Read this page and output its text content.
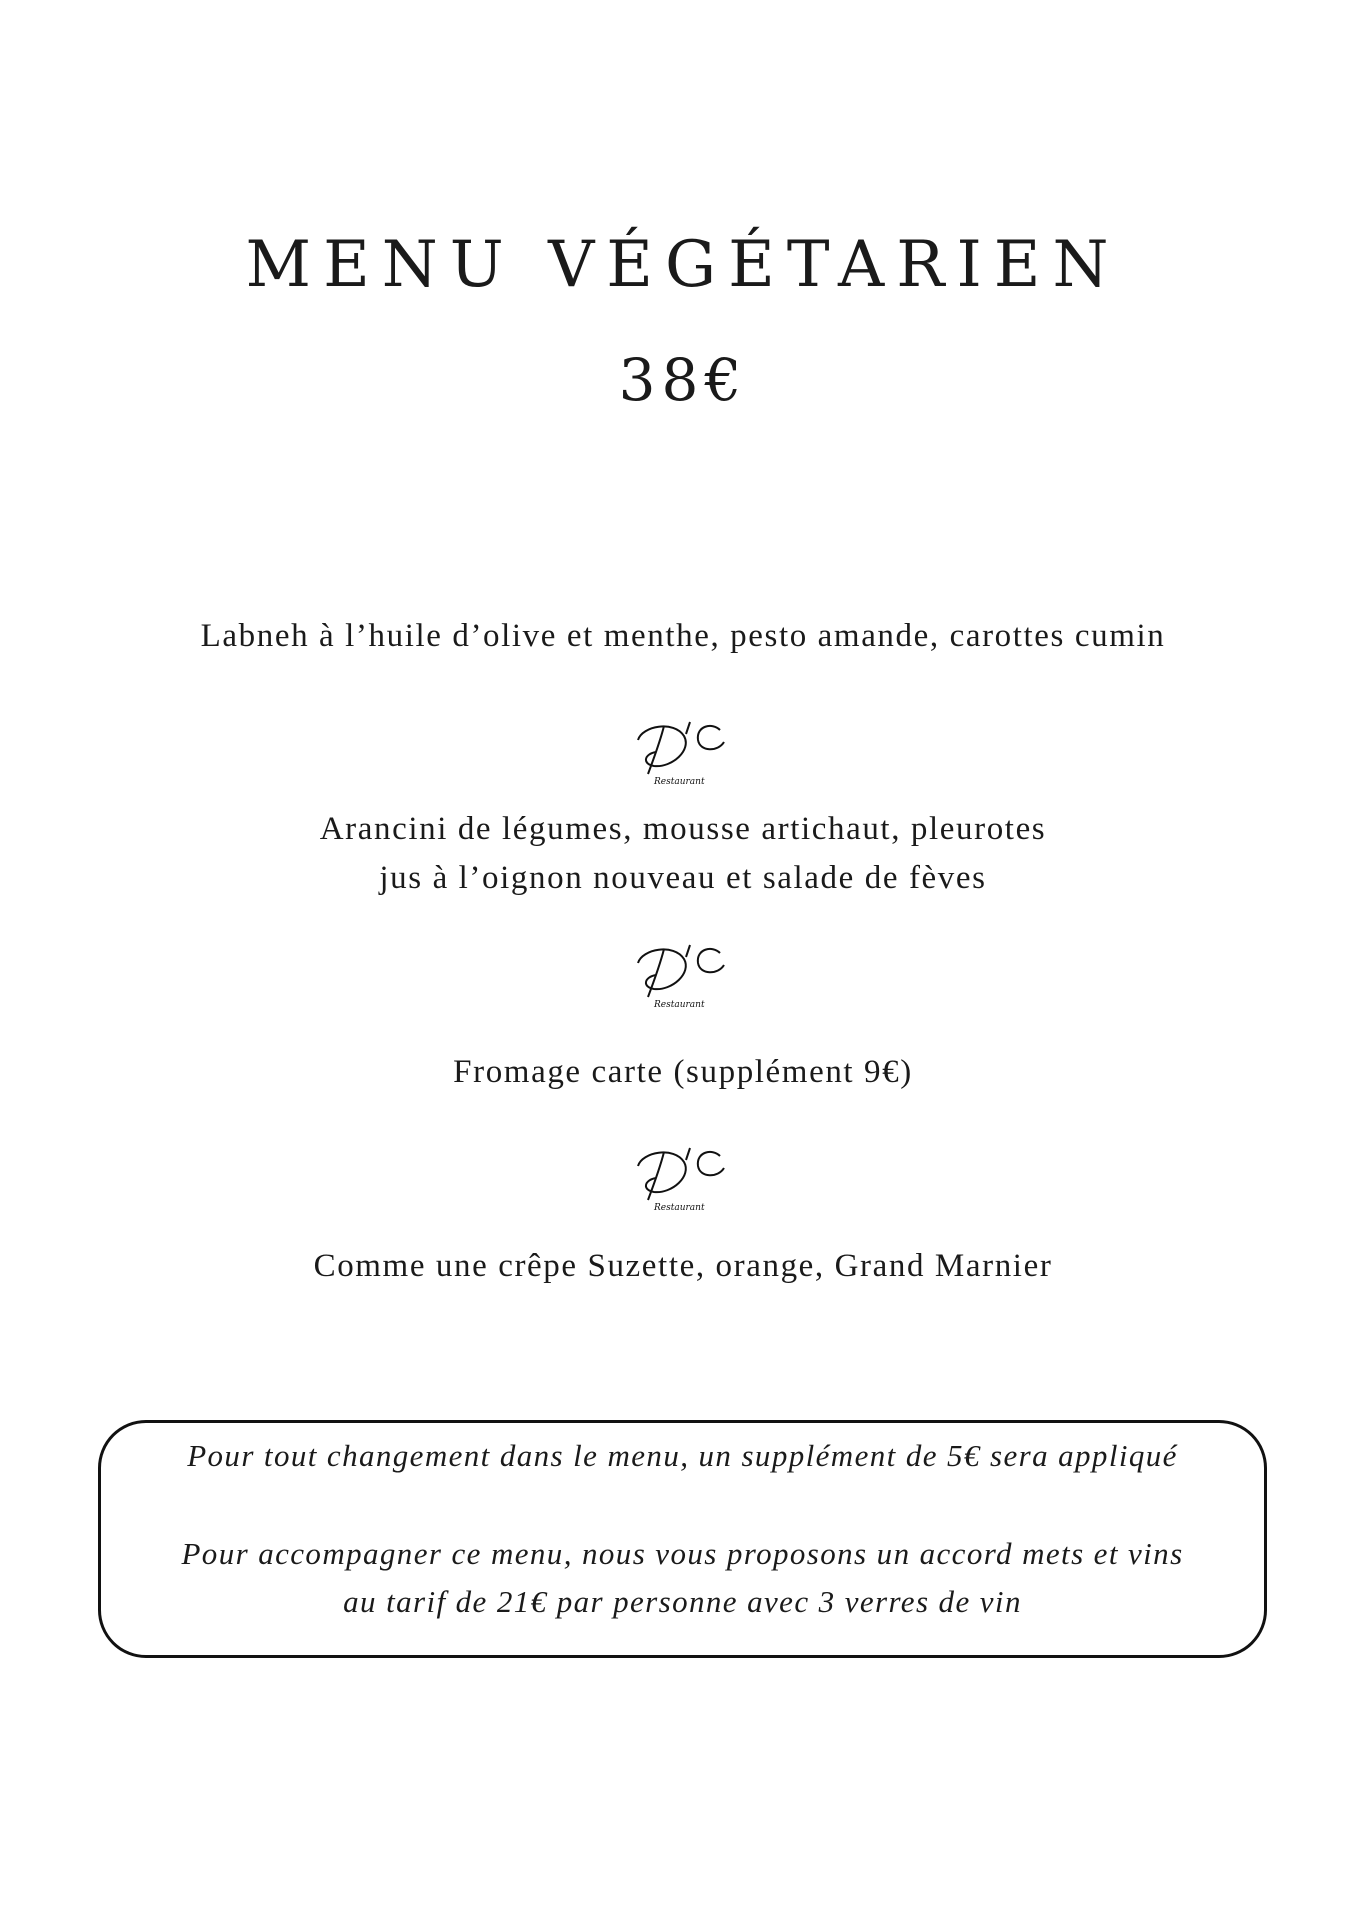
MENU VÉGÉTARIEN
38€
Labneh à l’huile d’olive et menthe, pesto amande, carottes cumin
Restaurant
Arancini de légumes, mousse artichaut, pleurotes
jus à l’oignon nouveau et salade de fèves
Restaurant
Fromage carte (supplément 9€)
Restaurant
Comme une crêpe Suzette, orange, Grand Marnier
Pour tout changement dans le menu, un supplément de 5€ sera appliqué
Pour accompagner ce menu, nous vous proposons un accord mets et vins
au tarif de 21€ par personne avec 3 verres de vin
